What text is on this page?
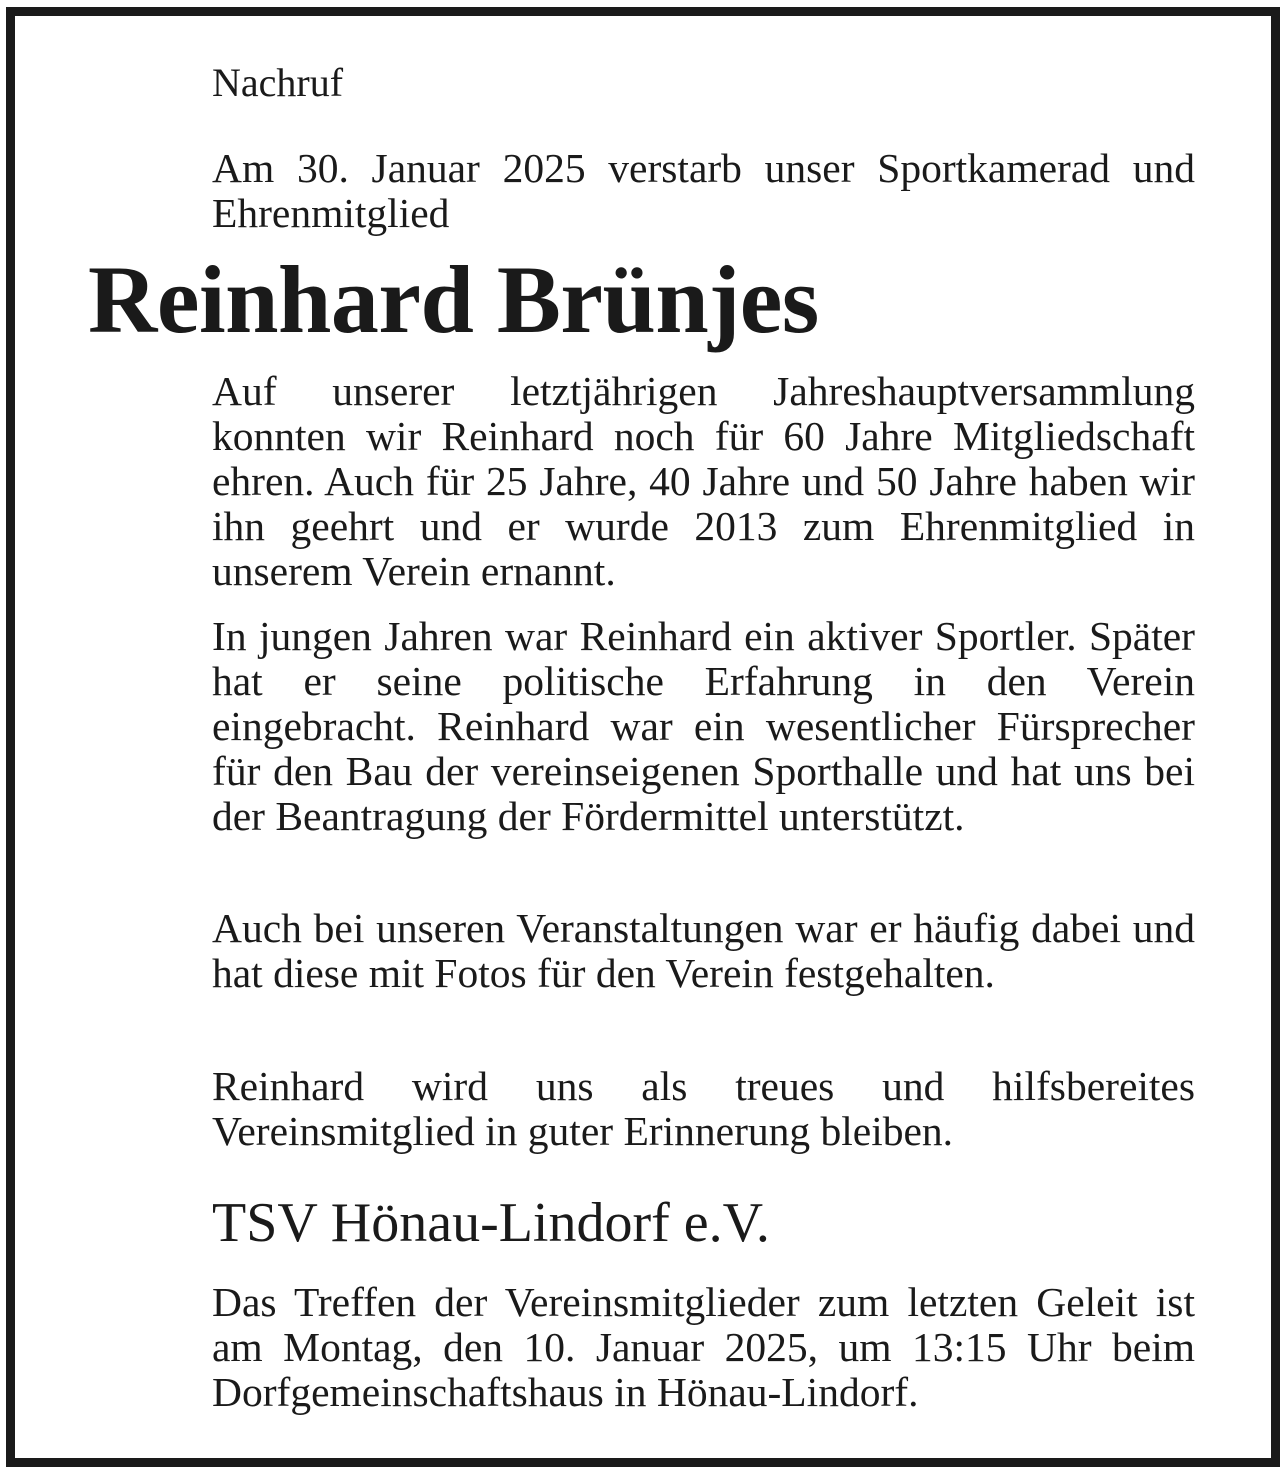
Nachruf

Am 30. Januar 2025 verstarb unser Sportkamerad und Ehrenmitglied

Reinhard Brünjes

Auf unserer letztjährigen Jahreshauptversammlung konnten wir Reinhard noch für 60 Jahre Mitgliedschaft ehren. Auch für 25 Jahre, 40 Jahre und 50 Jahre haben wir ihn geehrt und er wurde 2013 zum Ehrenmitglied in unserem Verein ernannt.

In jungen Jahren war Reinhard ein aktiver Sportler. Später hat er seine politische Erfahrung in den Verein eingebracht. Reinhard war ein wesentlicher Fürsprecher für den Bau der vereinseigenen Sporthalle und hat uns bei der Beantragung der Fördermittel unterstützt.

Auch bei unseren Veranstaltungen war er häufig dabei und hat diese mit Fotos für den Verein festgehalten.

Reinhard wird uns als treues und hilfsbereites Vereinsmitglied in guter Erinnerung bleiben.

TSV Hönau-Lindorf e.V.

Das Treffen der Vereinsmitglieder zum letzten Geleit ist am Montag, den 10. Januar 2025, um 13:15 Uhr beim Dorfgemeinschaftshaus in Hönau-Lindorf.
